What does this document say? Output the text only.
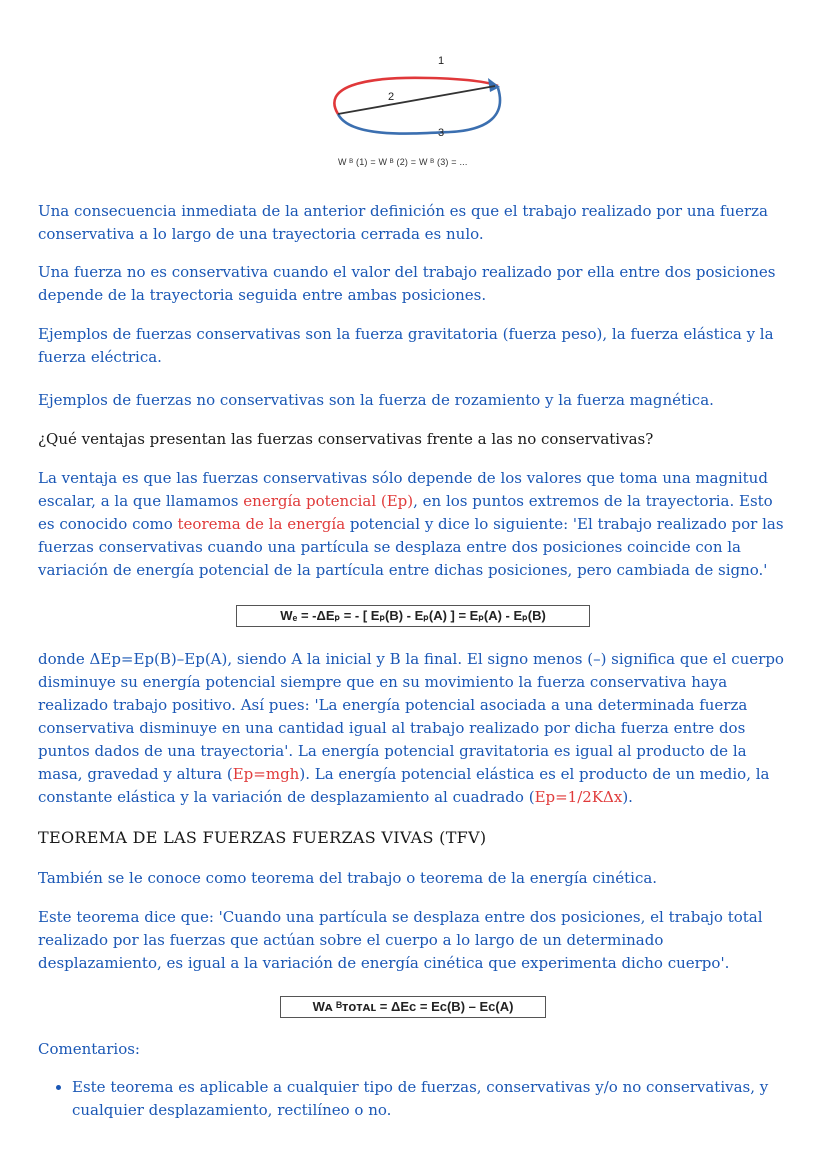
1
2
3
W ᴮ (1) = W ᴮ (2) = W ᴮ (3) = ...

Una consecuencia inmediata de la anterior definición es que el trabajo realizado por una fuerza conservativa a lo largo de una trayectoria cerrada es nulo.

Una fuerza no es conservativa cuando el valor del trabajo realizado por ella entre dos posiciones depende de la trayectoria seguida entre ambas posiciones.

Ejemplos de fuerzas conservativas son la fuerza gravitatoria (fuerza peso), la fuerza elástica y la fuerza eléctrica.

Ejemplos de fuerzas no conservativas son la fuerza de rozamiento y la fuerza magnética.

¿Qué ventajas presentan las fuerzas conservativas frente a las no conservativas?

La ventaja es que las fuerzas conservativas sólo depende de los valores que toma una magnitud escalar, a la que llamamos energía potencial (Ep), en los puntos extremos de la trayectoria. Esto es conocido como teorema de la energía potencial y dice lo siguiente: 'El trabajo realizado por las fuerzas conservativas cuando una partícula se desplaza entre dos posiciones coincide con la variación de energía potencial de la partícula entre dichas posiciones, pero cambiada de signo.'

Wₑ = -ΔEₚ = - [ Eₚ(B) - Eₚ(A) ] = Eₚ(A) - Eₚ(B)

donde ΔEp=Ep(B)–Ep(A), siendo A la inicial y B la final. El signo menos (–) significa que el cuerpo disminuye su energía potencial siempre que en su movimiento la fuerza conservativa haya realizado trabajo positivo. Así pues: 'La energía potencial asociada a una determinada fuerza conservativa disminuye en una cantidad igual al trabajo realizado por dicha fuerza entre dos puntos dados de una trayectoria'. La energía potencial gravitatoria es igual al producto de la masa, gravedad y altura (Ep=mgh). La energía potencial elástica es el producto de un medio, la constante elástica y la variación de desplazamiento al cuadrado (Ep=1/2KΔx).

TEOREMA DE LAS FUERZAS FUERZAS VIVAS (TFV)

También se le conoce como teorema del trabajo o teorema de la energía cinética.

Este teorema dice que: 'Cuando una partícula se desplaza entre dos posiciones, el trabajo total realizado por las fuerzas que actúan sobre el cuerpo a lo largo de un determinado desplazamiento, es igual a la variación de energía cinética que experimenta dicho cuerpo'.

Wᴀ ᴮᴛᴏᴛᴀʟ = ΔEᴄ = Eᴄ(B) – Eᴄ(A)

Comentarios:

• Este teorema es aplicable a cualquier tipo de fuerzas, conservativas y/o no conservativas, y cualquier desplazamiento, rectilíneo o no.
